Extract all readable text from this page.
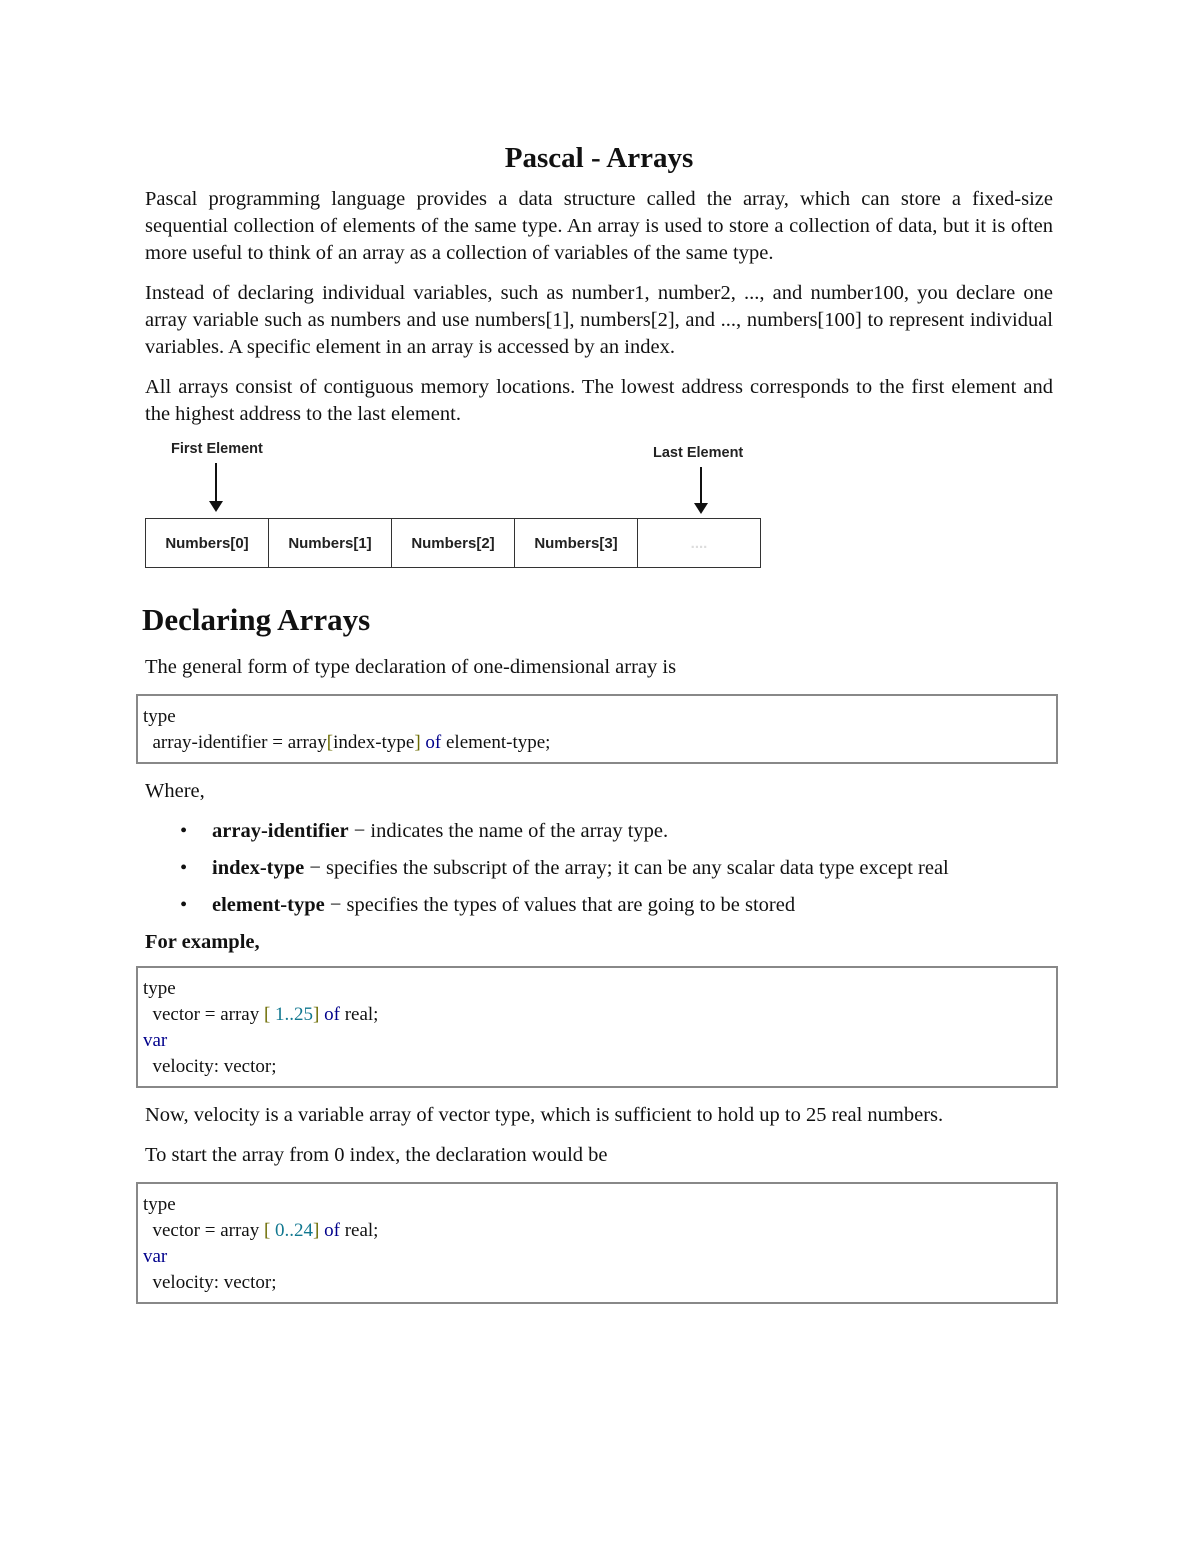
Pascal - Arrays

Pascal programming language provides a data structure called the array, which can store a fixed-size sequential collection of elements of the same type. An array is used to store a collection of data, but it is often more useful to think of an array as a collection of variables of the same type.

Instead of declaring individual variables, such as number1, number2, ..., and number100, you declare one array variable such as numbers and use numbers[1], numbers[2], and ..., numbers[100] to represent individual variables. A specific element in an array is accessed by an index.

All arrays consist of contiguous memory locations. The lowest address corresponds to the first element and the highest address to the last element.

First Element	Last Element
Numbers[0]	Numbers[1]	Numbers[2]	Numbers[3]	....
Declaring Arrays

The general form of type declaration of one-dimensional array is

type
array-identifier = array[index-type] of element-type;

Where,

• array-identifier − indicates the name of the array type.
• index-type − specifies the subscript of the array; it can be any scalar data type except real
• element-type − specifies the types of values that are going to be stored
For example,
type
vector = array [ 1..25] of real;
var
velocity: vector;

Now, velocity is a variable array of vector type, which is sufficient to hold up to 25 real numbers.

To start the array from 0 index, the declaration would be

type
vector = array [ 0..24] of real;
var
velocity: vector;
